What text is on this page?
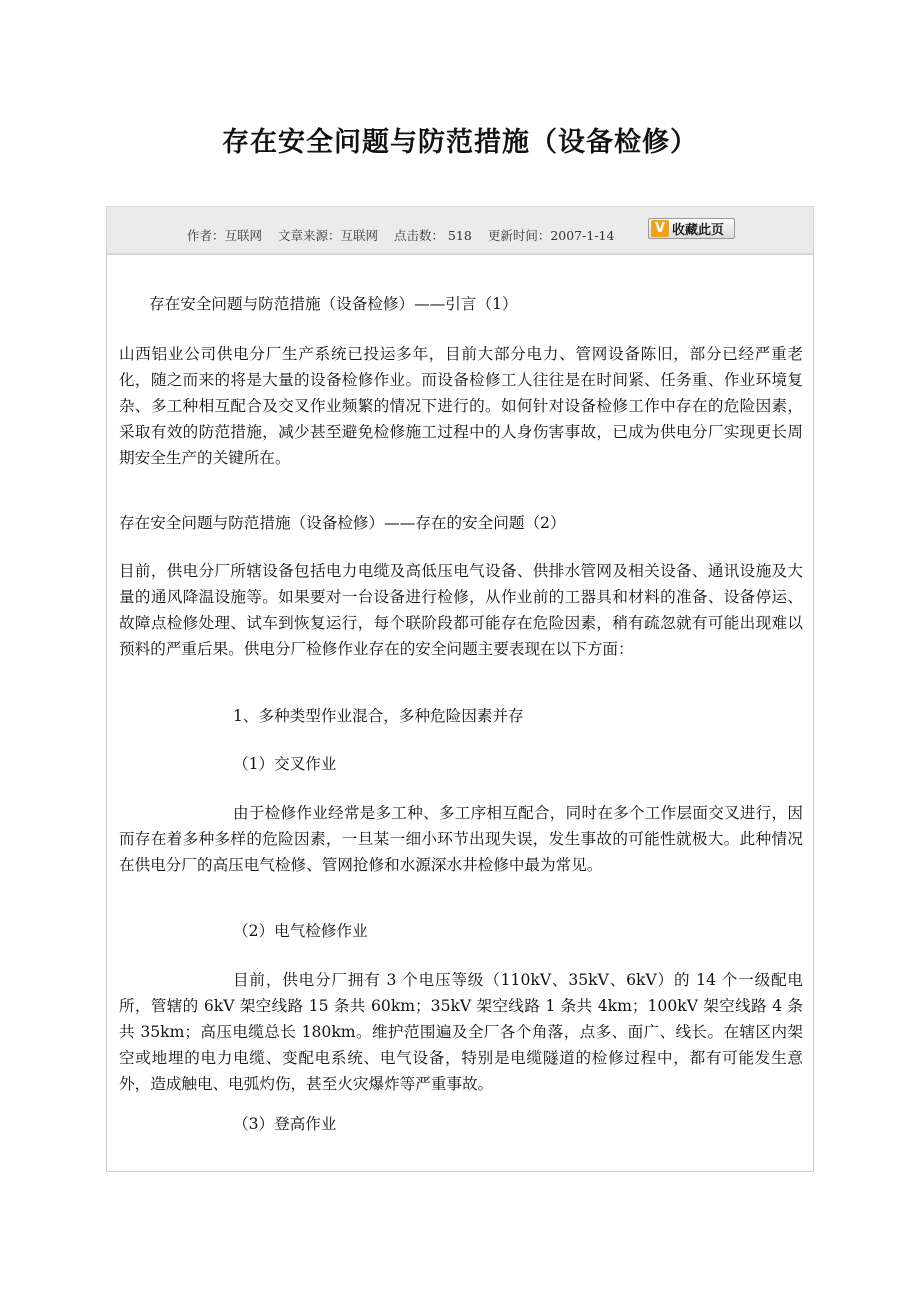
存在安全问题与防范措施（设备检修）
作者：互联网 文章来源：互联网 点击数： 518 更新时间：2007-1-14	V 收藏此页

存在安全问题与防范措施（设备检修）——引言（1）

山西铝业公司供电分厂生产系统已投运多年，目前大部分电力、管网设备陈旧，部分已经严重老化，随之而来的将是大量的设备检修作业。而设备检修工人往往是在时间紧、任务重、作业环境复杂、多工种相互配合及交叉作业频繁的情况下进行的。如何针对设备检修工作中存在的危险因素，采取有效的防范措施，减少甚至避免检修施工过程中的人身伤害事故，已成为供电分厂实现更长周期安全生产的关键所在。

存在安全问题与防范措施（设备检修）——存在的安全问题（2）

目前，供电分厂所辖设备包括电力电缆及高低压电气设备、供排水管网及相关设备、通讯设施及大量的通风降温设施等。如果要对一台设备进行检修，从作业前的工器具和材料的准备、设备停运、故障点检修处理、试车到恢复运行，每个联阶段都可能存在危险因素，稍有疏忽就有可能出现难以预料的严重后果。供电分厂检修作业存在的安全问题主要表现在以下方面：

1、多种类型作业混合，多种危险因素并存

（1）交叉作业

由于检修作业经常是多工种、多工序相互配合，同时在多个工作层面交叉进行，因而存在着多种多样的危险因素，一旦某一细小环节出现失误，发生事故的可能性就极大。此种情况在供电分厂的高压电气检修、管网抢修和水源深水井检修中最为常见。

（2）电气检修作业

目前，供电分厂拥有 3 个电压等级（110kV、35kV、6kV）的 14 个一级配电所，管辖的 6kV 架空线路 15 条共 60km；35kV 架空线路 1 条共 4km；100kV 架空线路 4 条共 35km；高压电缆总长 180km。维护范围遍及全厂各个角落，点多、面广、线长。在辖区内架空或地埋的电力电缆、变配电系统、电气设备，特别是电缆隧道的检修过程中，都有可能发生意外，造成触电、电弧灼伤，甚至火灾爆炸等严重事故。

（3）登高作业
